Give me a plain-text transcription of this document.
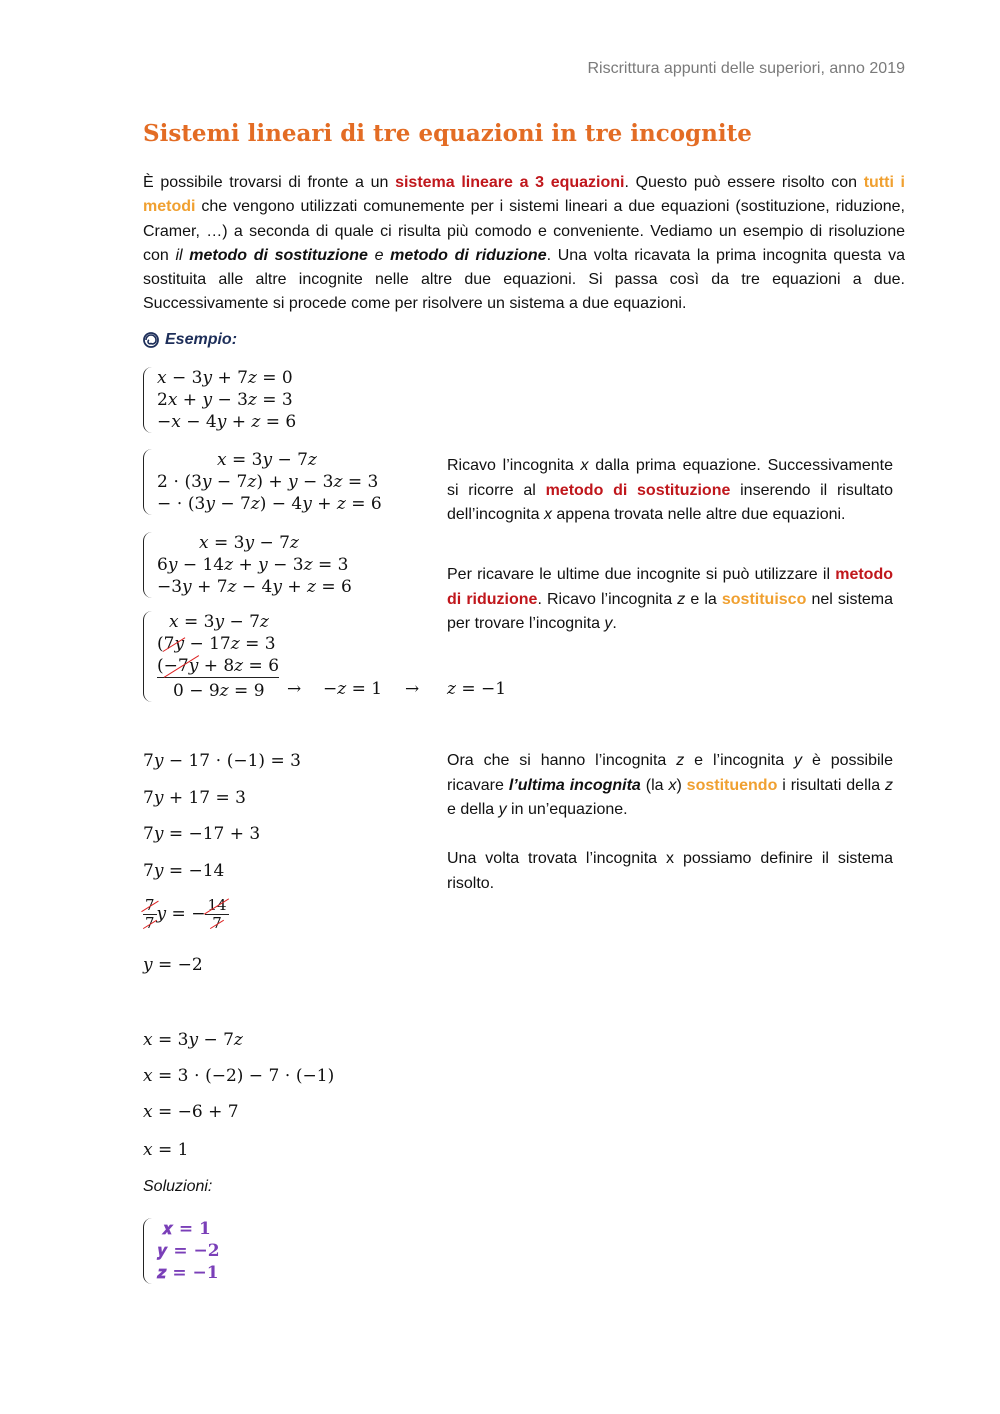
Riscrittura appunti delle superiori, anno 2019
Sistemi lineari di tre equazioni in tre incognite
È possibile trovarsi di fronte a un sistema lineare a 3 equazioni. Questo può essere risolto con tutti i metodi che vengono utilizzati comunemente per i sistemi lineari a due equazioni (sostituzione, riduzione, Cramer, …) a seconda di quale ci risulta più comodo e conveniente. Vediamo un esempio di risoluzione con il metodo di sostituzione e metodo di riduzione. Una volta ricavata la prima incognita questa va sostituita alle altre incognite nelle altre due equazioni. Si passa così da tre equazioni a due. Successivamente si procede come per risolvere un sistema a due equazioni.
Esempio:
𝑥 − 3𝑦 + 7𝑧 = 0
2𝑥 + 𝑦 − 3𝑧 = 3
−𝑥 − 4𝑦 + 𝑧 = 6
𝑥 = 3𝑦 − 7𝑧
2 ⋅ (3𝑦 − 7𝑧) + 𝑦 − 3𝑧 = 3
− ⋅ (3𝑦 − 7𝑧) − 4𝑦 + 𝑧 = 6
Ricavo l’incognita x dalla prima equazione. Successivamente si ricorre al metodo di sostituzione inserendo il risultato dell’incognita x appena trovata nelle altre due equazioni.
𝑥 = 3𝑦 − 7𝑧
6𝑦 − 14𝑧 + 𝑦 − 3𝑧 = 3
−3𝑦 + 7𝑧 − 4𝑦 + 𝑧 = 6
Per ricavare le ultime due incognite si può utilizzare il metodo di riduzione. Ricavo l’incognita z e la sostituisco nel sistema per trovare l’incognita y.
𝑥 = 3𝑦 − 7𝑧
(7𝑦 − 17𝑧 = 3
(−7𝑦 + 8𝑧 = 6
0 − 9𝑧 = 9	→ −𝑧 = 1 → 𝑧 = −1
7𝑦 − 17 ⋅ (−1) = 3
7𝑦 + 17 = 3
7𝑦 = −17 + 3
7𝑦 = −14
$\frac{7}{7}$ 𝑦 = − $\frac{14}{7}$
𝑦 = −2
Ora che si hanno l’incognita z e l’incognita y è possibile ricavare l’ultima incognita (la x) sostituendo i risultati della z e della y in un’equazione.
Una volta trovata l’incognita x possiamo definire il sistema risolto.
𝑥 = 3𝑦 − 7𝑧
𝑥 = 3 ⋅ (−2) − 7 ⋅ (−1)
𝑥 = −6 + 7
𝑥 = 1
Soluzioni:
𝒙 = 𝟏
𝒚 = −𝟐
𝒛 = −𝟏
